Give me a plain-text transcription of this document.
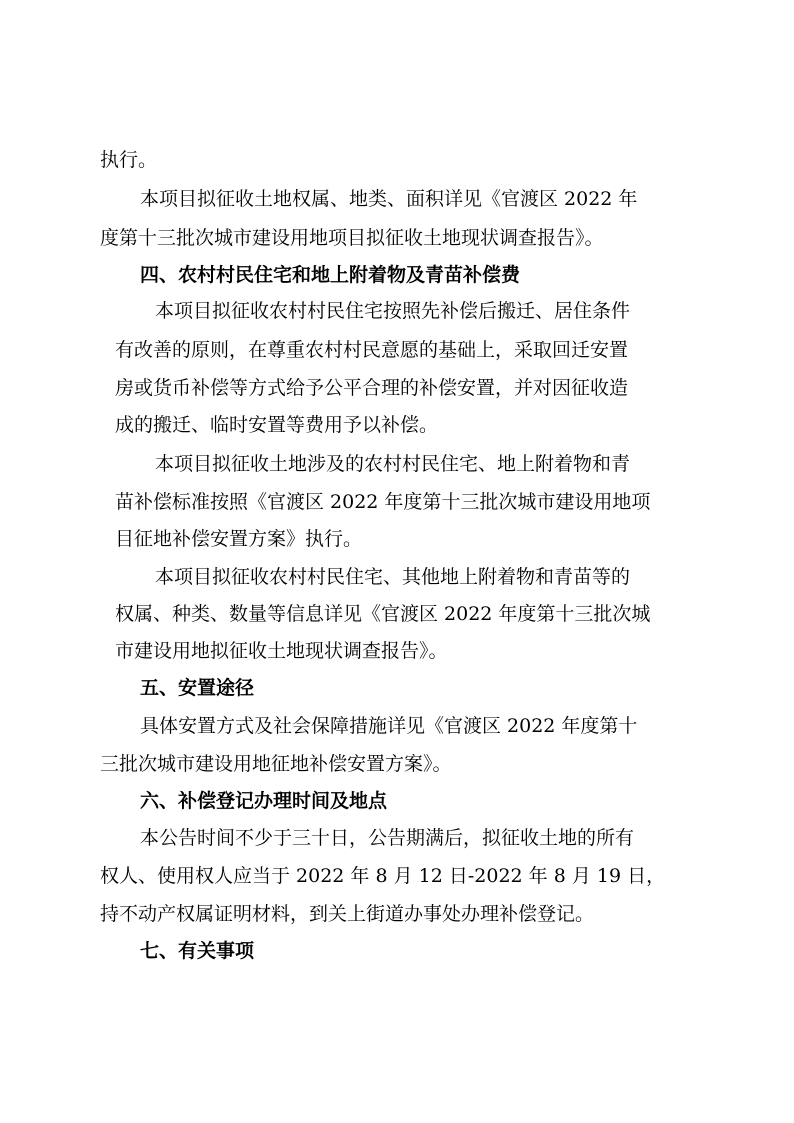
执行。
本项目拟征收土地权属、地类、面积详见《官渡区 2022 年
度第十三批次城市建设用地项目拟征收土地现状调查报告》。
四、农村村民住宅和地上附着物及青苗补偿费
本项目拟征收农村村民住宅按照先补偿后搬迁、居住条件
有改善的原则，在尊重农村村民意愿的基础上，采取回迁安置
房或货币补偿等方式给予公平合理的补偿安置，并对因征收造
成的搬迁、临时安置等费用予以补偿。
本项目拟征收土地涉及的农村村民住宅、地上附着物和青
苗补偿标准按照《官渡区 2022 年度第十三批次城市建设用地项
目征地补偿安置方案》执行。
本项目拟征收农村村民住宅、其他地上附着物和青苗等的
权属、种类、数量等信息详见《官渡区 2022 年度第十三批次城
市建设用地拟征收土地现状调查报告》。
五、安置途径
具体安置方式及社会保障措施详见《官渡区 2022 年度第十
三批次城市建设用地征地补偿安置方案》。
六、补偿登记办理时间及地点
本公告时间不少于三十日，公告期满后，拟征收土地的所有
权人、使用权人应当于 2022 年 8 月 12 日-2022 年 8 月 19 日，
持不动产权属证明材料，到关上街道办事处办理补偿登记。
七、有关事项
